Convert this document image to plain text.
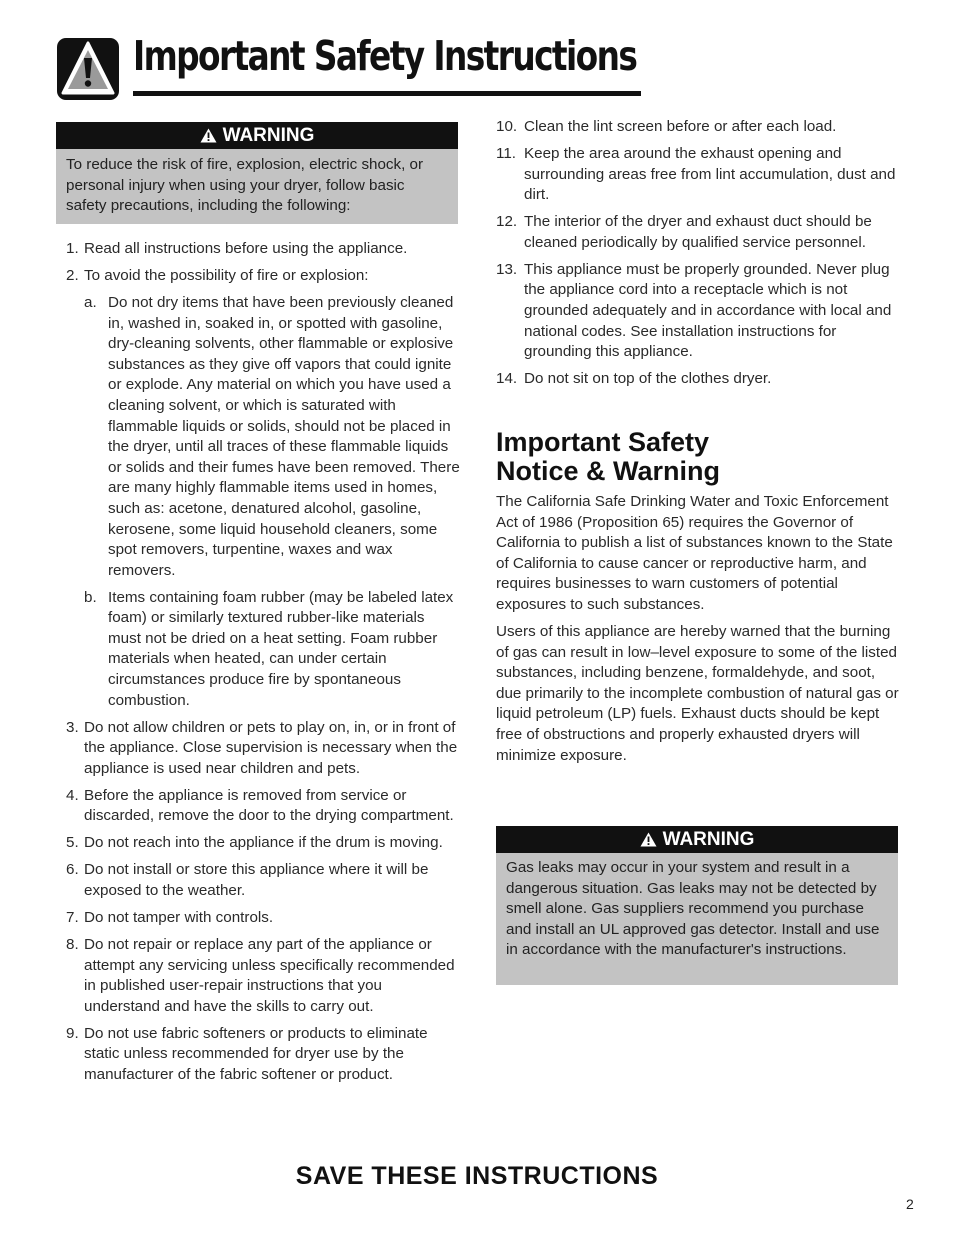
Important Safety Instructions
WARNING
To reduce the risk of fire, explosion, electric shock, or personal injury when using your dryer, follow basic safety precautions, including the following:
1. Read all instructions before using the appliance.
2. To avoid the possibility of fire or explosion:
a. Do not dry items that have been previously cleaned in, washed in, soaked in, or spotted with gasoline, dry-cleaning solvents, other flammable or explosive substances as they give off vapors that could ignite or explode. Any material on which you have used a cleaning solvent, or which is saturated with flammable liquids or solids, should not be placed in the dryer, until all traces of these flammable liquids or solids and their fumes have been removed. There are many highly flammable items used in homes, such as: acetone, denatured alcohol, gasoline, kerosene, some liquid household cleaners, some spot removers, turpentine, waxes and wax removers.
b. Items containing foam rubber (may be labeled latex foam) or similarly textured rubber-like materials must not be dried on a heat setting. Foam rubber materials when heated, can under certain circumstances produce fire by spontaneous combustion.
3. Do not allow children or pets to play on, in, or in front of the appliance. Close supervision is necessary when the appliance is used near children and pets.
4. Before the appliance is removed from service or discarded, remove the door to the drying compartment.
5. Do not reach into the appliance if the drum is moving.
6. Do not install or store this appliance where it will be exposed to the weather.
7. Do not tamper with controls.
8. Do not repair or replace any part of the appliance or attempt any servicing unless specifically recommended in published user-repair instructions that you understand and have the skills to carry out.
9. Do not use fabric softeners or products to eliminate static unless recommended for dryer use by the manufacturer of the fabric softener or product.
10. Clean the lint screen before or after each load.
11. Keep the area around the exhaust opening and surrounding areas free from lint accumulation, dust and dirt.
12. The interior of the dryer and exhaust duct should be cleaned periodically by qualified service personnel.
13. This appliance must be properly grounded. Never plug the appliance cord into a receptacle which is not grounded adequately and in accordance with local and national codes. See installation instructions for grounding this appliance.
14. Do not sit on top of the clothes dryer.
Important Safety
Notice & Warning
The California Safe Drinking Water and Toxic Enforcement Act of 1986 (Proposition 65) requires the Governor of California to publish a list of substances known to the State of California to cause cancer or reproductive harm, and requires businesses to warn customers of potential exposures to such substances.
Users of this appliance are hereby warned that the burning of gas can result in low–level exposure to some of the listed substances, including benzene, formaldehyde, and soot, due primarily to the incomplete combustion of natural gas or liquid petroleum (LP) fuels. Exhaust ducts should be kept free of obstructions and properly exhausted dryers will minimize exposure.
WARNING
Gas leaks may occur in your system and result in a dangerous situation. Gas leaks may not be detected by smell alone. Gas suppliers recommend you purchase and install an UL approved gas detector. Install and use in accordance with the manufacturer's instructions.
SAVE THESE INSTRUCTIONS
2
